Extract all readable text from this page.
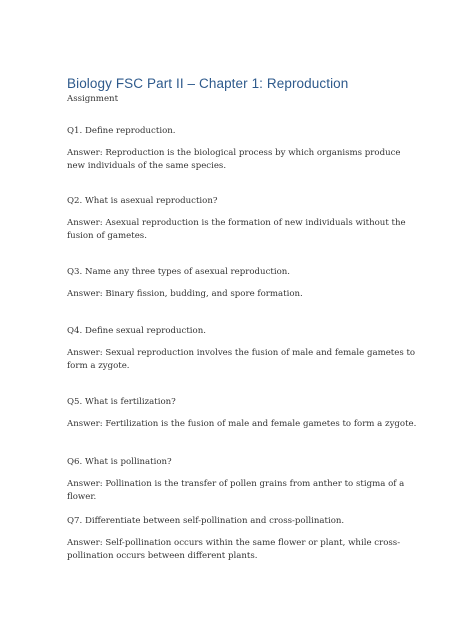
Biology FSC Part II – Chapter 1: Reproduction
Assignment

Q1. Define reproduction.

Answer: Reproduction is the biological process by which organisms produce new individuals of the same species.

Q2. What is asexual reproduction?

Answer: Asexual reproduction is the formation of new individuals without the fusion of gametes.

Q3. Name any three types of asexual reproduction.

Answer: Binary fission, budding, and spore formation.

Q4. Define sexual reproduction.

Answer: Sexual reproduction involves the fusion of male and female gametes to form a zygote.

Q5. What is fertilization?

Answer: Fertilization is the fusion of male and female gametes to form a zygote.

Q6. What is pollination?

Answer: Pollination is the transfer of pollen grains from anther to stigma of a flower.

Q7. Differentiate between self-pollination and cross-pollination.

Answer: Self-pollination occurs within the same flower or plant, while cross-pollination occurs between different plants.
